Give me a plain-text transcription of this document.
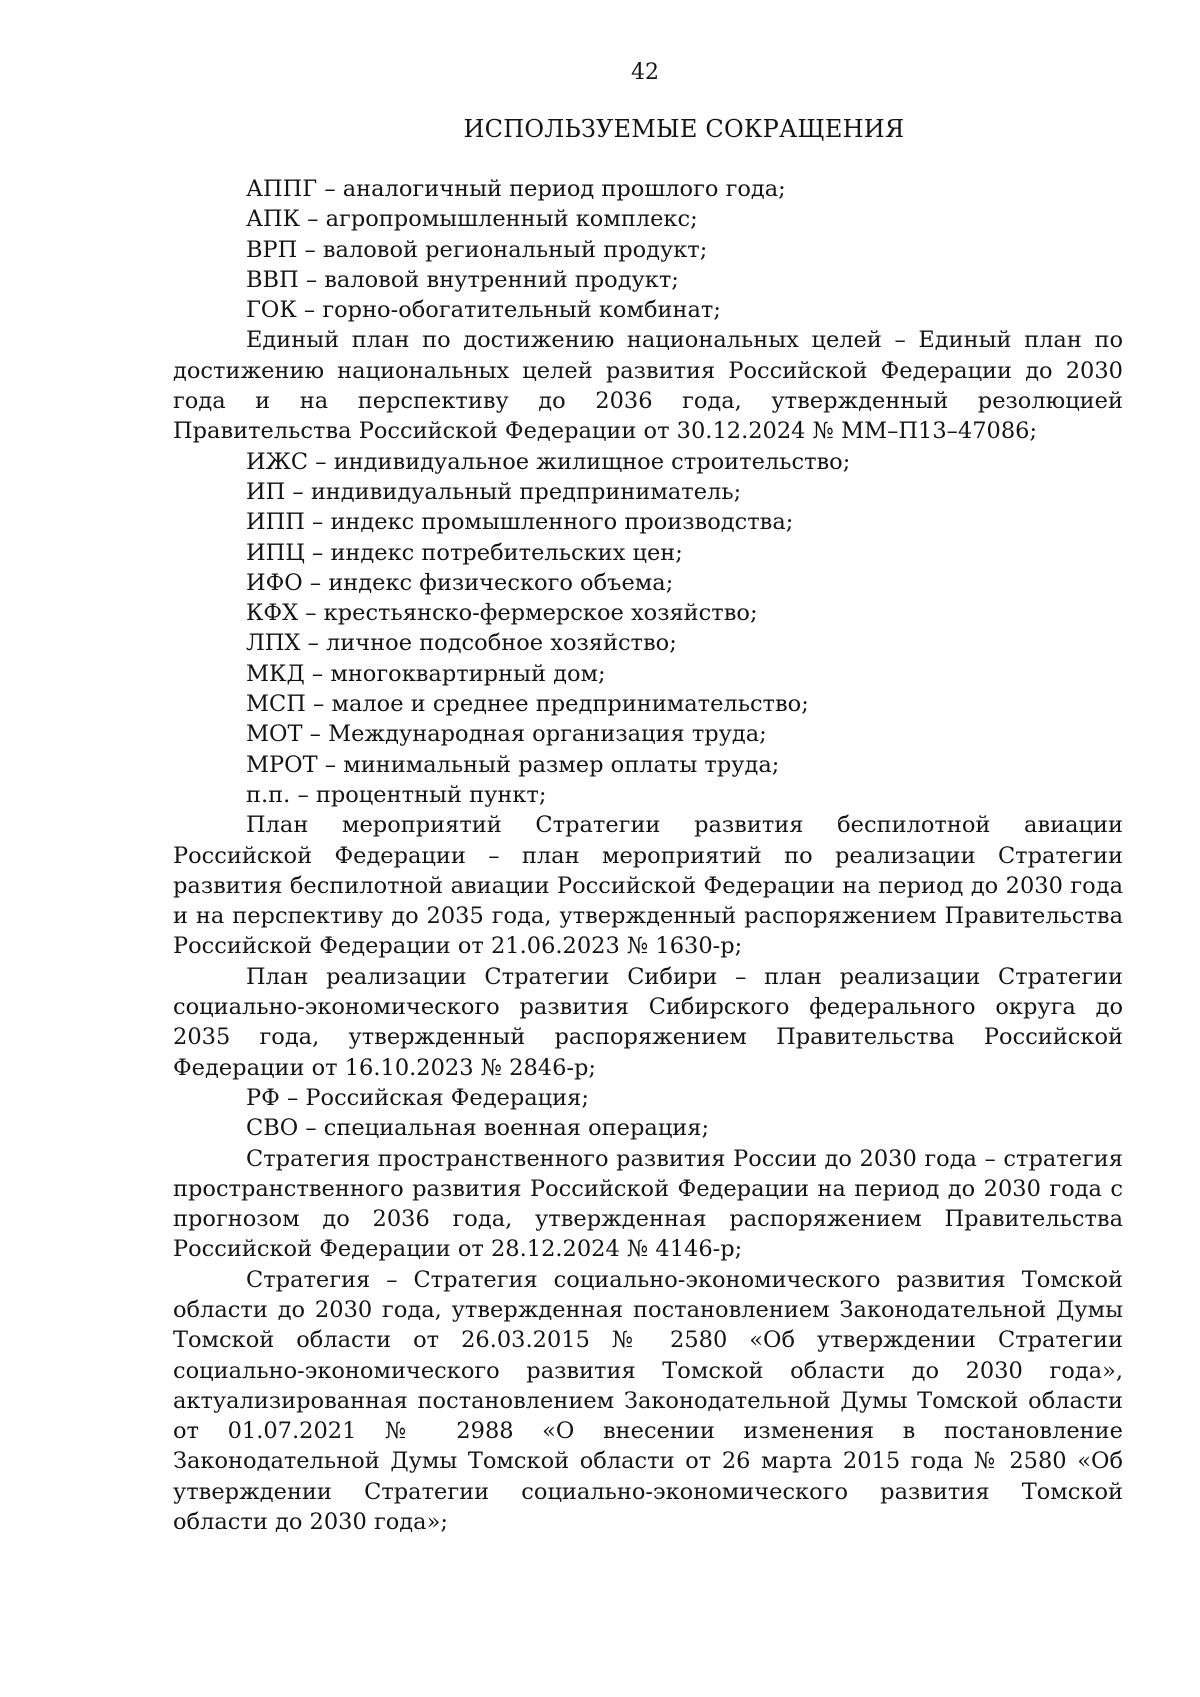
42
ИСПОЛЬЗУЕМЫЕ СОКРАЩЕНИЯ

АППГ – аналогичный период прошлого года;

АПК – агропромышленный комплекс;

ВРП – валовой региональный продукт;

ВВП – валовой внутренний продукт;

ГОК – горно-обогатительный комбинат;

Единый план по достижению национальных целей – Единый план по достижению национальных целей развития Российской Федерации до 2030 года и на перспективу до 2036 года, утвержденный резолюцией Правительства Российской Федерации от 30.12.2024 № ММ–П13–47086;

ИЖС – индивидуальное жилищное строительство;

ИП – индивидуальный предприниматель;

ИПП – индекс промышленного производства;

ИПЦ – индекс потребительских цен;

ИФО – индекс физического объема;

КФХ – крестьянско-фермерское хозяйство;

ЛПХ – личное подсобное хозяйство;

МКД – многоквартирный дом;

МСП – малое и среднее предпринимательство;

МОТ – Международная организация труда;

МРОТ – минимальный размер оплаты труда;

п.п. – процентный пункт;

План мероприятий Стратегии развития беспилотной авиации Российской Федерации – план мероприятий по реализации Стратегии развития беспилотной авиации Российской Федерации на период до 2030 года и на перспективу до 2035 года, утвержденный распоряжением Правительства Российской Федерации от 21.06.2023 № 1630-р;

План реализации Стратегии Сибири – план реализации Стратегии социально-экономического развития Сибирского федерального округа до 2035 года, утвержденный распоряжением Правительства Российской Федерации от 16.10.2023 № 2846-р;

РФ – Российская Федерация;

СВО – специальная военная операция;

Стратегия пространственного развития России до 2030 года – стратегия пространственного развития Российской Федерации на период до 2030 года с прогнозом до 2036 года, утвержденная распоряжением Правительства Российской Федерации от 28.12.2024 № 4146-р;

Стратегия – Стратегия социально-экономического развития Томской области до 2030 года, утвержденная постановлением Законодательной Думы Томской области от 26.03.2015 № 2580 «Об утверждении Стратегии социально-экономического развития Томской области до 2030 года», актуализированная постановлением Законодательной Думы Томской области от 01.07.2021 № 2988 «О внесении изменения в постановление Законодательной Думы Томской области от 26 марта 2015 года № 2580 «Об утверждении Стратегии социально-экономического развития Томской области до 2030 года»;
